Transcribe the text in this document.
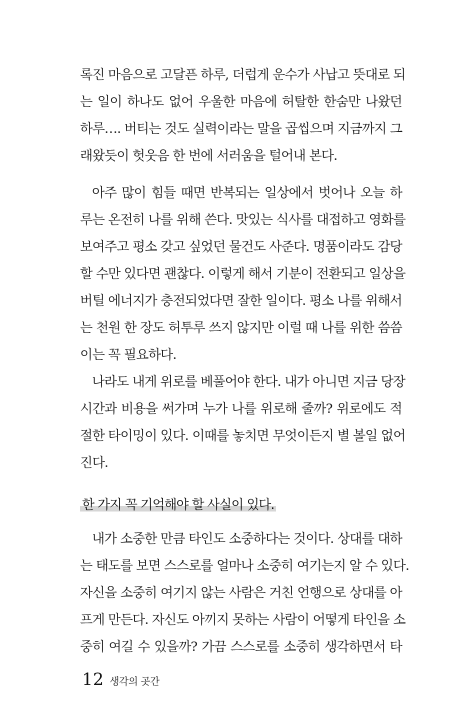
록진 마음으로 고달픈 하루, 더럽게 운수가 사납고 뜻대로 되
는 일이 하나도 없어 우울한 마음에 허탈한 한숨만 나왔던
하루…. 버티는 것도 실력이라는 말을 곱씹으며 지금까지 그
래왔듯이 헛웃음 한 번에 서러움을 털어내 본다.
아주 많이 힘들 때면 반복되는 일상에서 벗어나 오늘 하
루는 온전히 나를 위해 쓴다. 맛있는 식사를 대접하고 영화를
보여주고 평소 갖고 싶었던 물건도 사준다. 명품이라도 감당
할 수만 있다면 괜찮다. 이렇게 해서 기분이 전환되고 일상을
버틸 에너지가 충전되었다면 잘한 일이다. 평소 나를 위해서
는 천원 한 장도 허투루 쓰지 않지만 이럴 때 나를 위한 씀씀
이는 꼭 필요하다.
나라도 내게 위로를 베풀어야 한다. 내가 아니면 지금 당장
시간과 비용을 써가며 누가 나를 위로해 줄까? 위로에도 적
절한 타이밍이 있다. 이때를 놓치면 무엇이든지 별 볼일 없어
진다.
한 가지 꼭 기억해야 할 사실이 있다.
내가 소중한 만큼 타인도 소중하다는 것이다. 상대를 대하
는 태도를 보면 스스로를 얼마나 소중히 여기는지 알 수 있다.
자신을 소중히 여기지 않는 사람은 거친 언행으로 상대를 아
프게 만든다. 자신도 아끼지 못하는 사람이 어떻게 타인을 소
중히 여길 수 있을까? 가끔 스스로를 소중히 생각하면서 타
12 생각의 곳간
